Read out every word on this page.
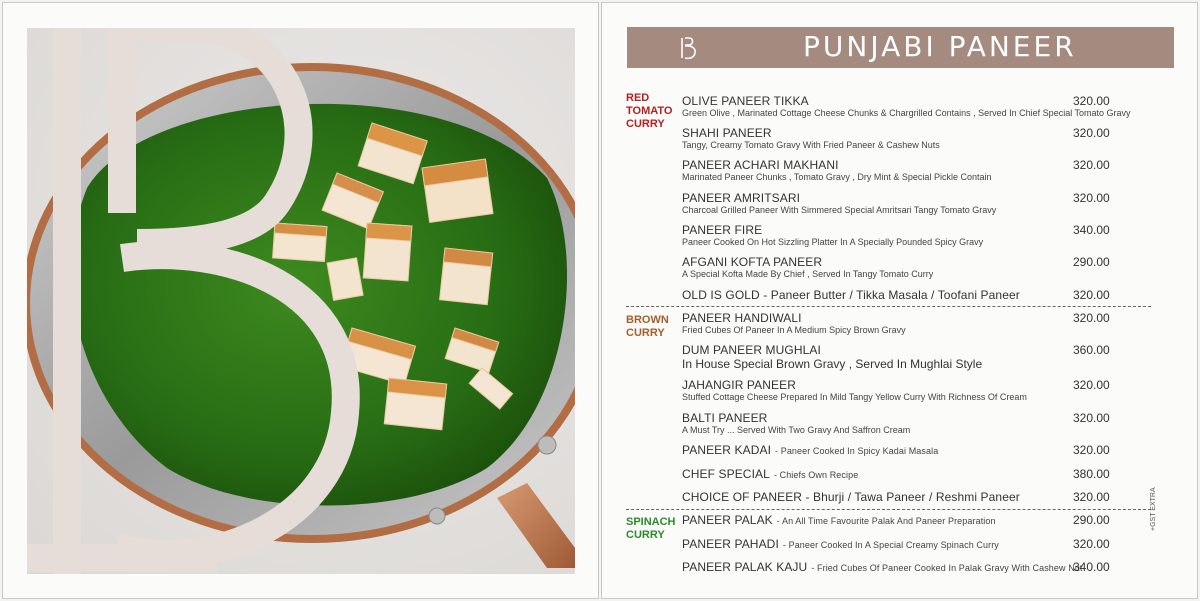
PUNJABI PANEER
+GST EXTRA
RED
TOMATO
CURRY
OLIVE PANEER TIKKA
Green Olive , Marinated Cottage Cheese Chunks & Chargrilled Contains , Served In Chief Special Tomato Gravy
320.00
SHAHI PANEER
Tangy, Creamy Tomato Gravy With Fried Paneer & Cashew Nuts
320.00
PANEER ACHARI MAKHANI
Marinated Paneer Chunks , Tomato Gravy , Dry Mint & Special Pickle Contain
320.00
PANEER AMRITSARI
Charcoal Grilled Paneer With Simmered Special Amritsari Tangy Tomato Gravy
320.00
PANEER FIRE
Paneer Cooked On Hot Sizzling Platter In A Specially Pounded Spicy Gravy
340.00
AFGANI KOFTA PANEER
A Special Kofta Made By Chief , Served In Tangy Tomato Curry
290.00
OLD IS GOLD - Paneer Butter / Tikka Masala / Toofani Paneer	320.00
BROWN
CURRY
PANEER HANDIWALI
Fried Cubes Of Paneer In A Medium Spicy Brown Gravy
320.00
DUM PANEER MUGHLAI
In House Special Brown Gravy , Served In Mughlai Style
360.00
JAHANGIR PANEER
Stuffed Cottage Cheese Prepared In Mild Tangy Yellow Curry With Richness Of Cream
320.00
BALTI PANEER
A Must Try ... Served With Two Gravy And Saffron Cream
320.00
PANEER KADAI - Paneer Cooked In Spicy Kadai Masala	320.00
CHEF SPECIAL - Chiefs Own Recipe	380.00
CHOICE OF PANEER - Bhurji / Tawa Paneer / Reshmi Paneer	320.00
SPINACH
CURRY
PANEER PALAK - An All Time Favourite Palak And Paneer Preparation	290.00
PANEER PAHADI - Paneer Cooked In A Special Creamy Spinach Curry	320.00
PANEER PALAK KAJU - Fried Cubes Of Paneer Cooked In Palak Gravy With Cashew Nut
340.00
